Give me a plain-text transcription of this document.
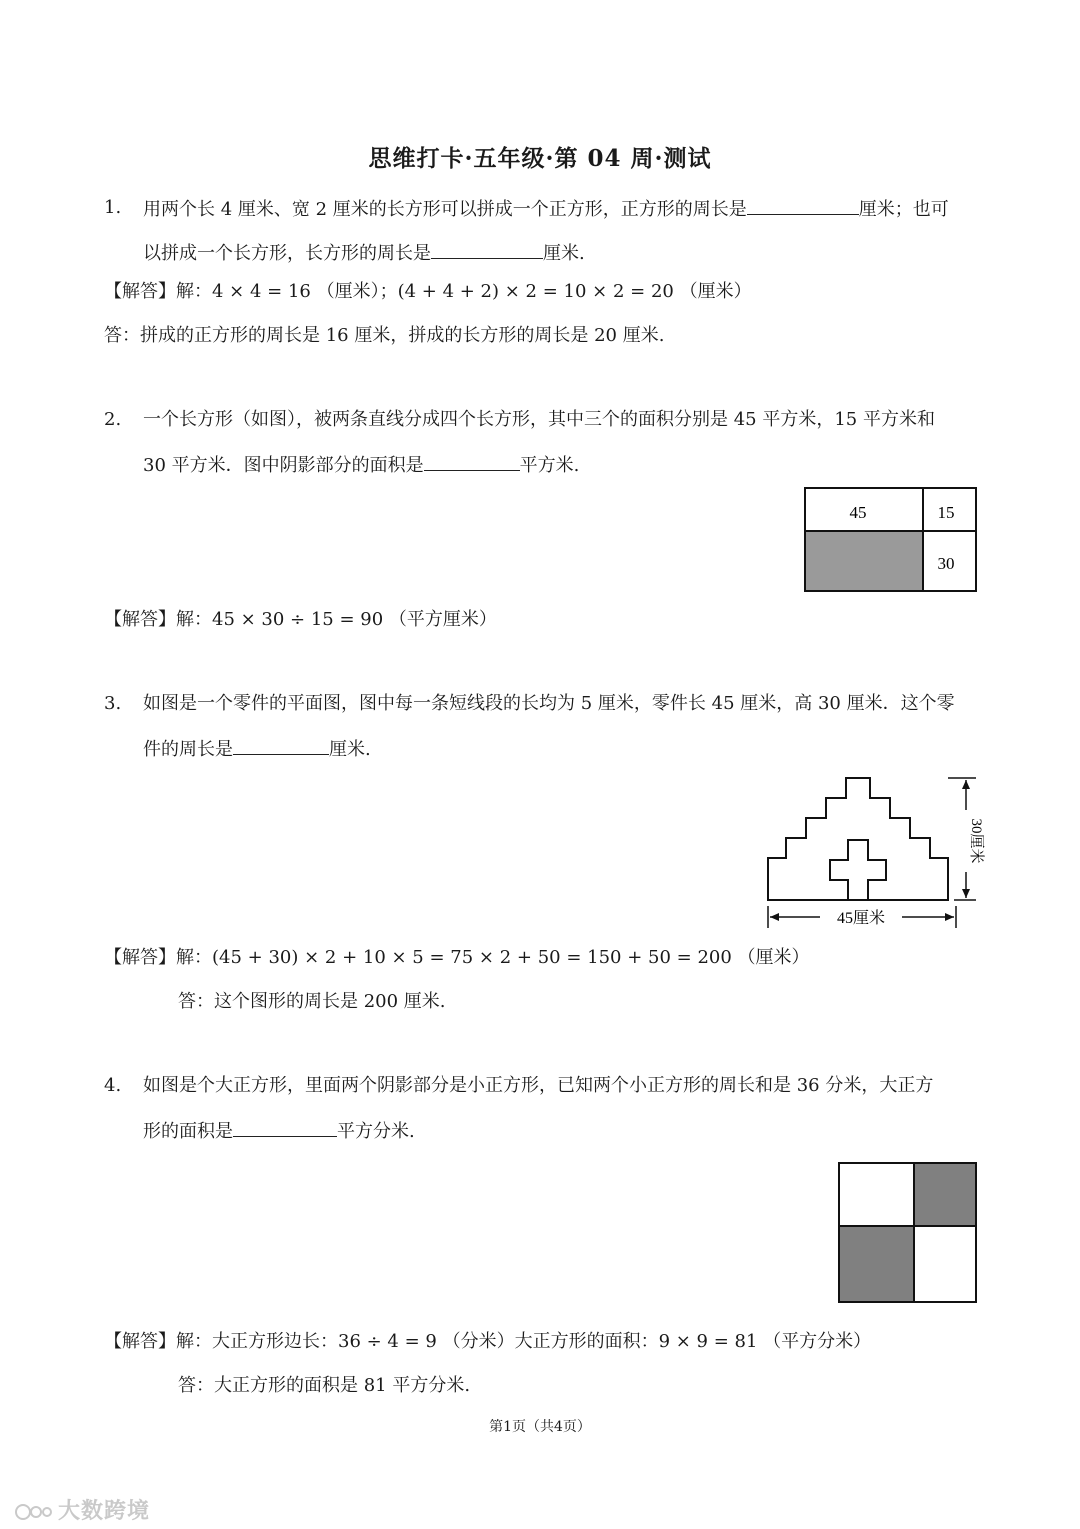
思维打卡·五年级·第 04 周·测试
1. 用两个长 4 厘米、宽 2 厘米的长方形可以拼成一个正方形，正方形的周长是	厘米；也可
以拼成一个长方形，长方形的周长是	厘米.
【解答】解：4 × 4 = 16 （厘米）；(4 + 4 + 2) × 2 = 10 × 2 = 20 （厘米）
答：拼成的正方形的周长是 16 厘米，拼成的长方形的周长是 20 厘米.
2. 一个长方形（如图），被两条直线分成四个长方形，其中三个的面积分别是 45 平方米，15 平方米和
30 平方米．图中阴影部分的面积是	平方米.
45	15
30
【解答】解：45 × 30 ÷ 15 = 90 （平方厘米）
3. 如图是一个零件的平面图，图中每一条短线段的长均为 5 厘米，零件长 45 厘米，高 30 厘米．这个零
件的周长是	厘米.
45厘米
30厘米
【解答】解：(45 + 30) × 2 + 10 × 5 = 75 × 2 + 50 = 150 + 50 = 200 （厘米）
答：这个图形的周长是 200 厘米.
4. 如图是个大正方形，里面两个阴影部分是小正方形，已知两个小正方形的周长和是 36 分米，大正方
形的面积是	平方分米.
【解答】解：大正方形边长：36 ÷ 4 = 9 （分米）大正方形的面积：9 × 9 = 81 （平方分米）
答：大正方形的面积是 81 平方分米.
第1页（共4页）
大数跨境
